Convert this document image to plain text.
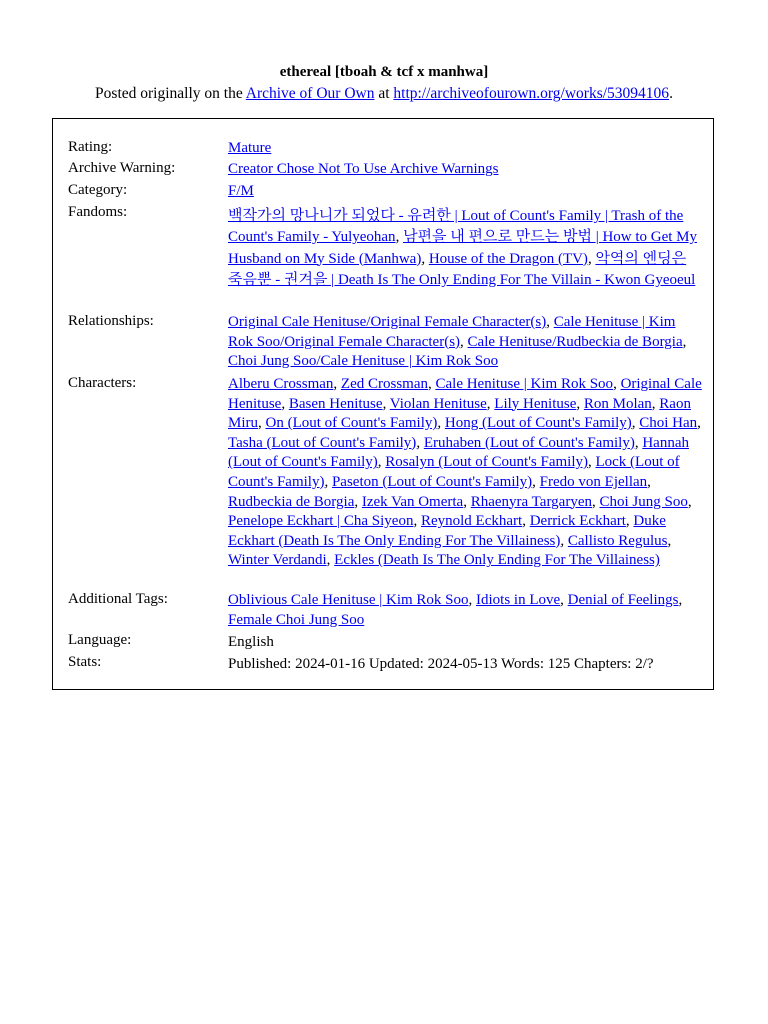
ethereal [tboah & tcf x manhwa]
Posted originally on the Archive of Our Own at http://archiveofourown.org/works/53094106.
Rating:	Mature
Archive Warning:	Creator Chose Not To Use Archive Warnings
Category:	F/M
Fandoms:	백작가의 망나니가 되었다 - 유려한 | Lout of Count's Family | Trash of the Count's Family - Yulyeohan, 남편을 내 편으로 만드는 방법 | How to Get My Husband on My Side (Manhwa), House of the Dragon (TV), 악역의 엔딩은 죽음뿐 - 권겨을 | Death Is The Only Ending For The Villain - Kwon Gyeoeul
Relationships:	Original Cale Henituse/Original Female Character(s), Cale Henituse | Kim Rok Soo/Original Female Character(s), Cale Henituse/Rudbeckia de Borgia, Choi Jung Soo/Cale Henituse | Kim Rok Soo
Characters:	Alberu Crossman, Zed Crossman, Cale Henituse | Kim Rok Soo, Original Cale Henituse, Basen Henituse, Violan Henituse, Lily Henituse, Ron Molan, Raon Miru, On (Lout of Count's Family), Hong (Lout of Count's Family), Choi Han, Tasha (Lout of Count's Family), Eruhaben (Lout of Count's Family), Hannah (Lout of Count's Family), Rosalyn (Lout of Count's Family), Lock (Lout of Count's Family), Paseton (Lout of Count's Family), Fredo von Ejellan, Rudbeckia de Borgia, Izek Van Omerta, Rhaenyra Targaryen, Choi Jung Soo, Penelope Eckhart | Cha Siyeon, Reynold Eckhart, Derrick Eckhart, Duke Eckhart (Death Is The Only Ending For The Villainess), Callisto Regulus, Winter Verdandi, Eckles (Death Is The Only Ending For The Villainess)
Additional Tags:	Oblivious Cale Henituse | Kim Rok Soo, Idiots in Love, Denial of Feelings, Female Choi Jung Soo
Language:	English
Stats:	Published: 2024-01-16 Updated: 2024-05-13 Words: 125 Chapters: 2/?
